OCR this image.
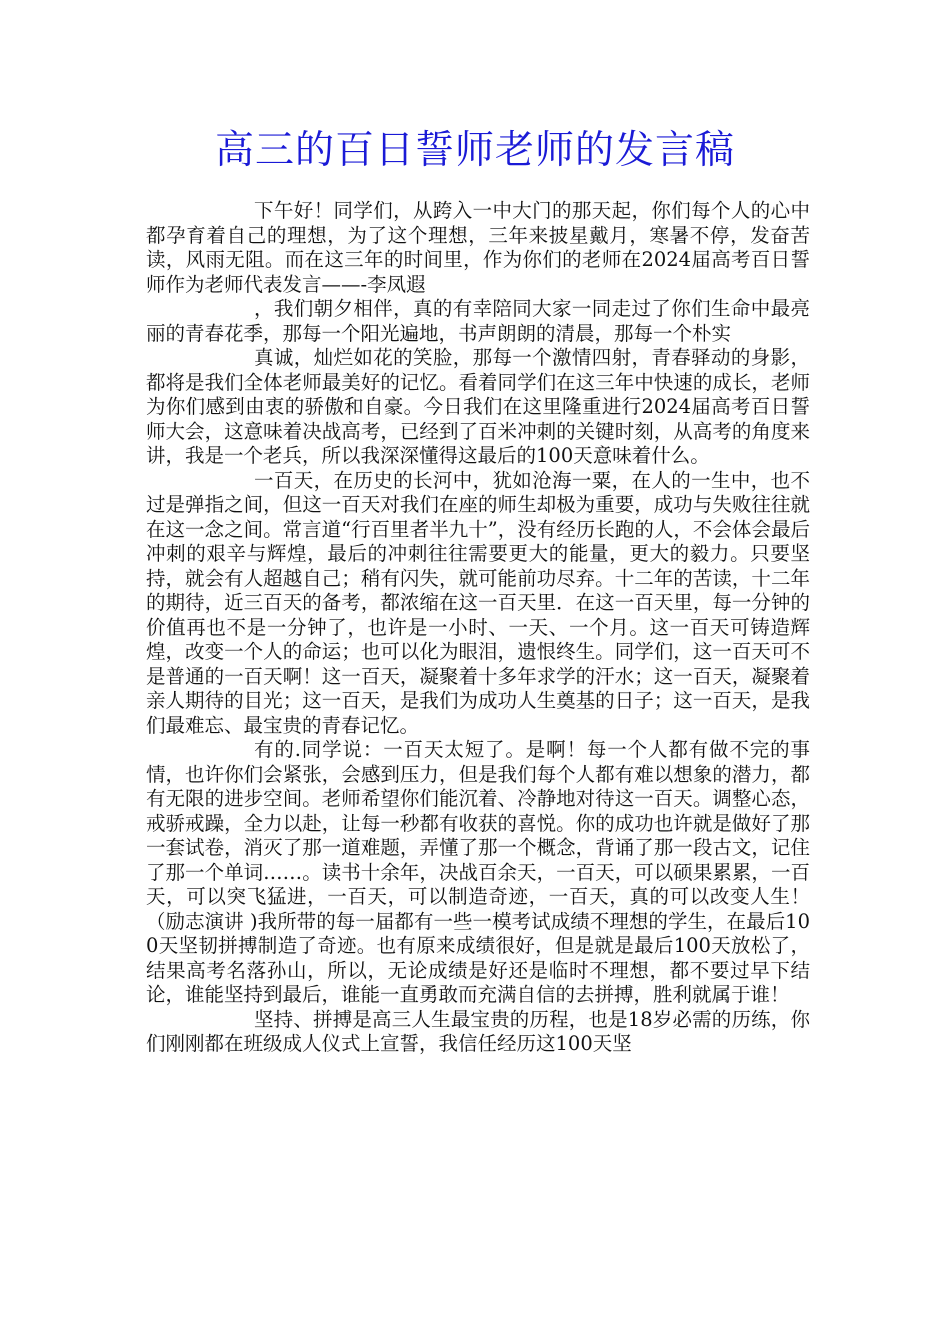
高三的百日誓师老师的发言稿

下午好！同学们，从跨入一中大门的那天起，你们每个人的心中都孕育着自己的理想，为了这个理想，三年来披星戴月，寒暑不停，发奋苦读，风雨无阻。而在这三年的时间里，作为你们的老师在2024届高考百日誓师作为老师代表发言——-李凤遐

，我们朝夕相伴，真的有幸陪同大家一同走过了你们生命中最亮丽的青春花季，那每一个阳光遍地，书声朗朗的清晨，那每一个朴实

真诚，灿烂如花的笑脸，那每一个激情四射，青春驿动的身影，都将是我们全体老师最美好的记忆。看着同学们在这三年中快速的成长，老师为你们感到由衷的骄傲和自豪。今日我们在这里隆重进行2024届高考百日誓师大会，这意味着决战高考，已经到了百米冲刺的关键时刻，从高考的角度来讲，我是一个老兵，所以我深深懂得这最后的100天意味着什么。

一百天，在历史的长河中，犹如沧海一粟，在人的一生中，也不过是弹指之间，但这一百天对我们在座的师生却极为重要，成功与失败往往就在这一念之间。常言道“行百里者半九十”，没有经历长跑的人，不会体会最后冲刺的艰辛与辉煌，最后的冲刺往往需要更大的能量，更大的毅力。只要坚持，就会有人超越自己；稍有闪失，就可能前功尽弃。十二年的苦读，十二年的期待，近三百天的备考，都浓缩在这一百天里．在这一百天里，每一分钟的价值再也不是一分钟了，也许是一小时、一天、一个月。这一百天可铸造辉煌，改变一个人的命运；也可以化为眼泪，遗恨终生。同学们，这一百天可不是普通的一百天啊！这一百天，凝聚着十多年求学的汗水；这一百天，凝聚着亲人期待的目光；这一百天，是我们为成功人生奠基的日子；这一百天，是我们最难忘、最宝贵的青春记忆。

有的.同学说：一百天太短了。是啊！每一个人都有做不完的事情，也许你们会紧张，会感到压力，但是我们每个人都有难以想象的潜力，都有无限的进步空间。老师希望你们能沉着、冷静地对待这一百天。调整心态，戒骄戒躁，全力以赴，让每一秒都有收获的喜悦。你的成功也许就是做好了那一套试卷，消灭了那一道难题，弄懂了那一个概念，背诵了那一段古文，记住了那一个单词……。读书十余年，决战百余天，一百天，可以硕果累累，一百天，可以突飞猛进，一百天，可以制造奇迹，一百天，真的可以改变人生！（励志演讲 )我所带的每一届都有一些一模考试成绩不理想的学生，在最后100天坚韧拼搏制造了奇迹。也有原来成绩很好，但是就是最后100天放松了，结果高考名落孙山，所以，无论成绩是好还是临时不理想，都不要过早下结论，谁能坚持到最后，谁能一直勇敢而充满自信的去拼搏，胜利就属于谁！

坚持、拼搏是高三人生最宝贵的历程，也是18岁必需的历练，你们刚刚都在班级成人仪式上宣誓，我信任经历这100天坚
